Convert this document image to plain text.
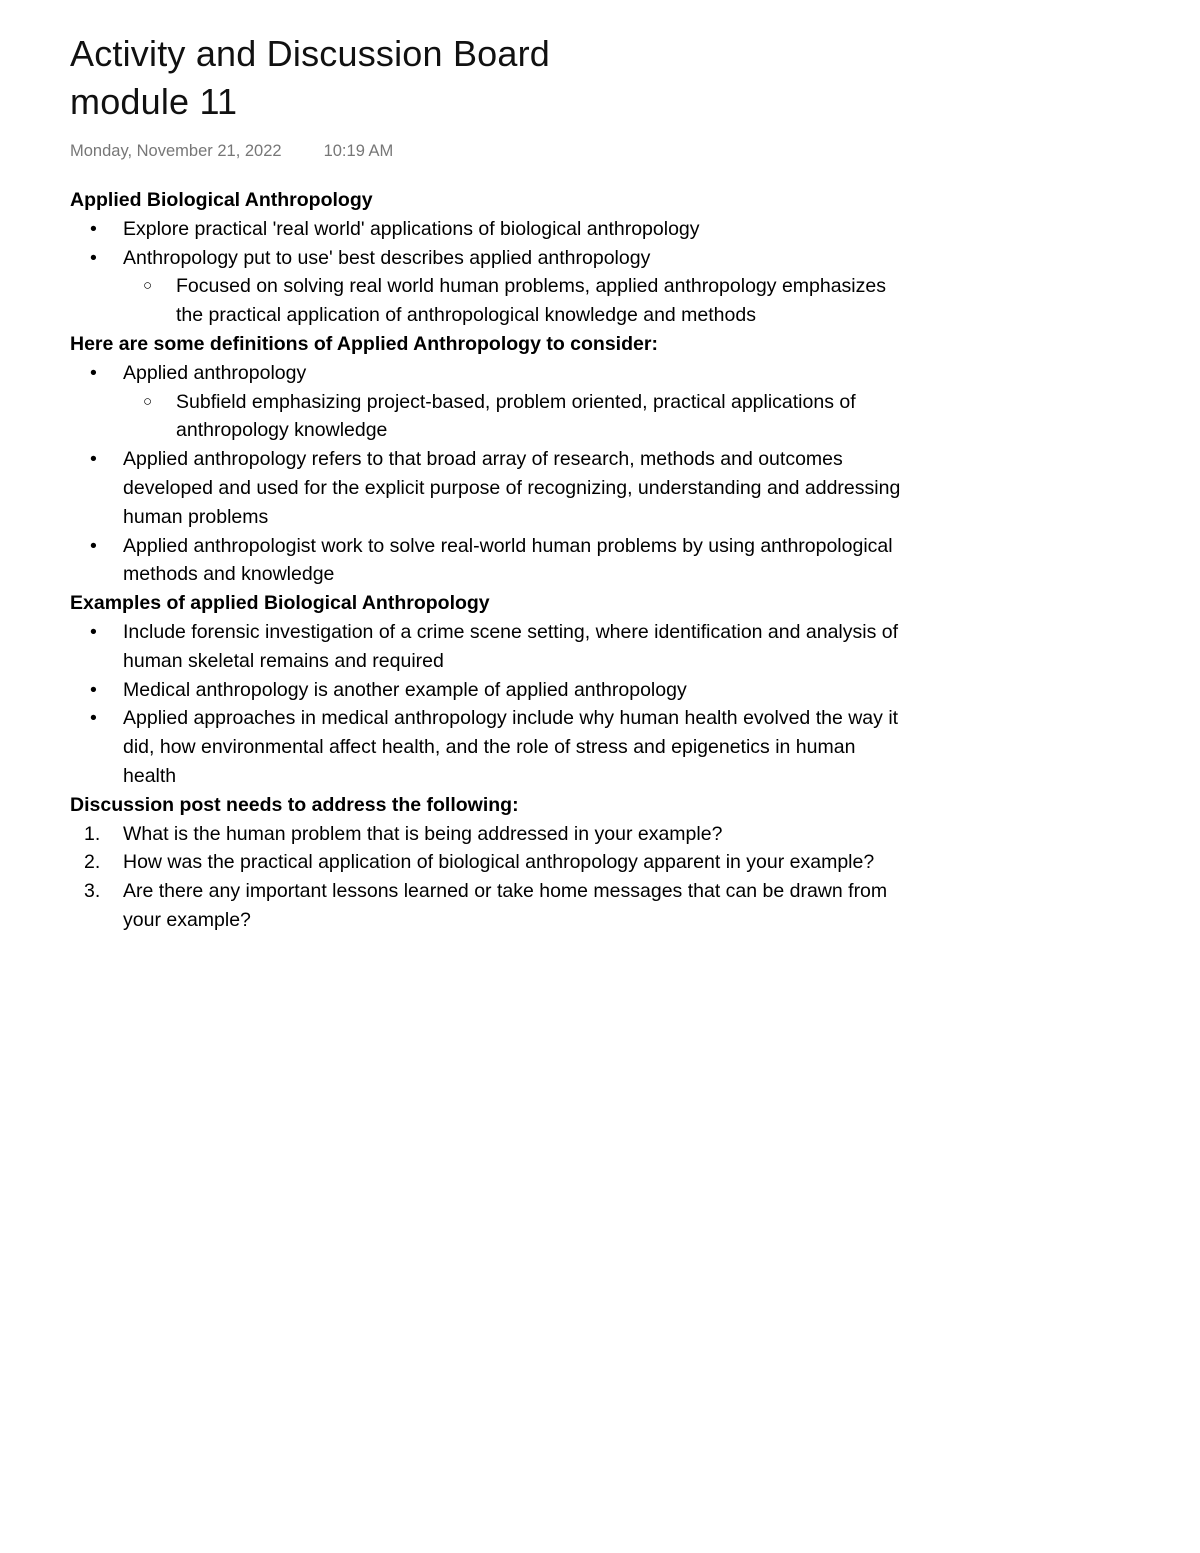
Activity and Discussion Board
module 11
Monday, November 21, 2022	10:19 AM

Applied Biological Anthropology

•	Explore practical 'real world' applications of biological anthropology
•	Anthropology put to use' best describes applied anthropology
○ Focused on solving real world human problems, applied anthropology emphasizes the practical application of anthropological knowledge and methods

Here are some definitions of Applied Anthropology to consider:

•	Applied anthropology
○ Subfield emphasizing project-based, problem oriented, practical applications of anthropology knowledge
•	Applied anthropology refers to that broad array of research, methods and outcomes developed and used for the explicit purpose of recognizing, understanding and addressing human problems
•	Applied anthropologist work to solve real-world human problems by using anthropological methods and knowledge

Examples of applied Biological Anthropology

•	Include forensic investigation of a crime scene setting, where identification and analysis of human skeletal remains and required
•	Medical anthropology is another example of applied anthropology
•	Applied approaches in medical anthropology include why human health evolved the way it did, how environmental affect health, and the role of stress and epigenetics in human health

Discussion post needs to address the following:

1.	What is the human problem that is being addressed in your example?
2.	How was the practical application of biological anthropology apparent in your example?
3.	Are there any important lessons learned or take home messages that can be drawn from your example?
